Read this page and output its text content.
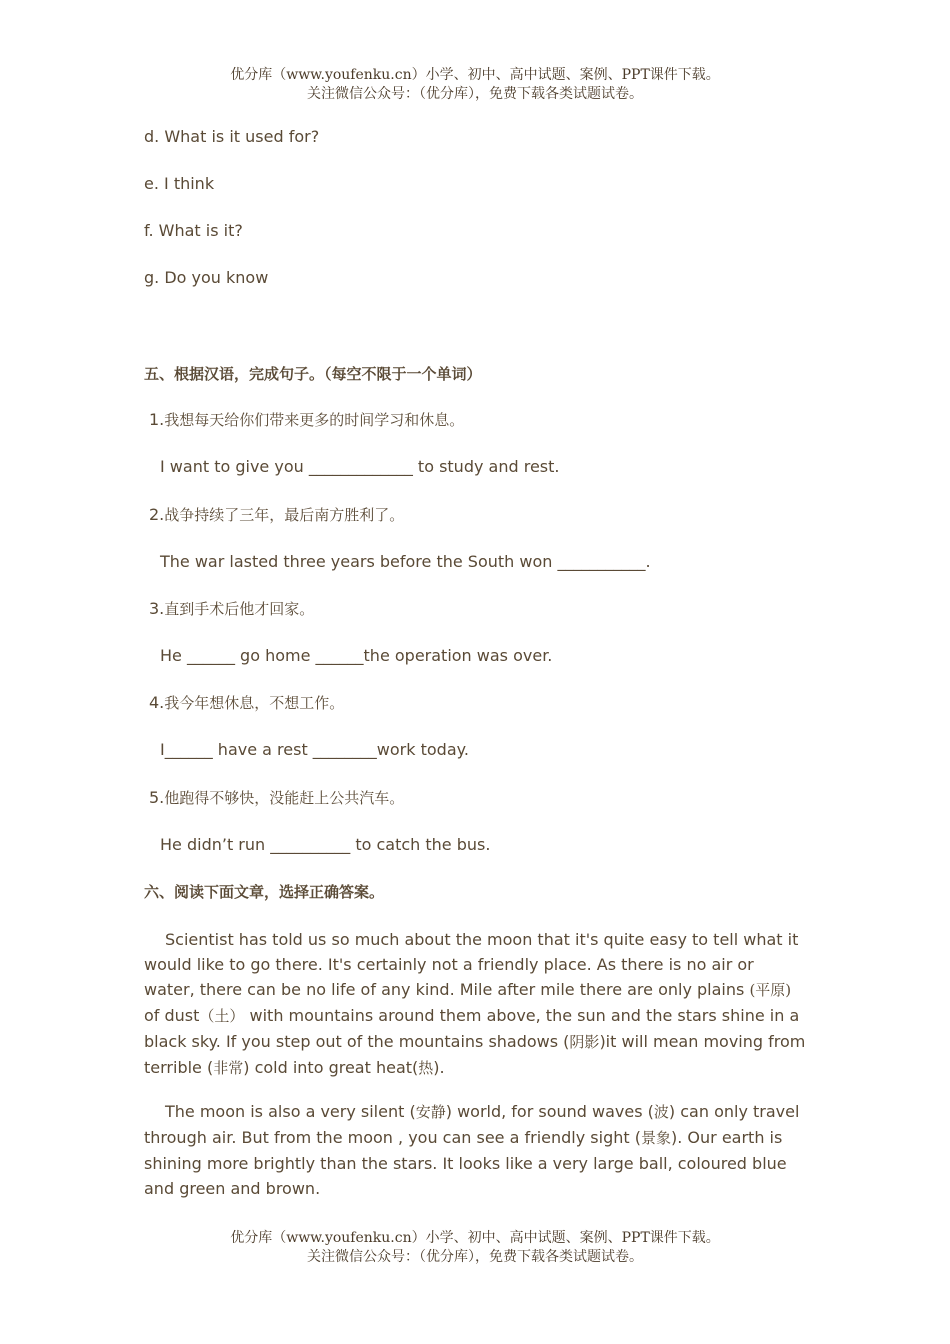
优分库（www.youfenku.cn）小学、初中、高中试题、案例、PPT课件下载。
关注微信公众号：（优分库），免费下载各类试题试卷。
d. What is it used for?
e. I think
f. What is it?
g. Do you know
五、根据汉语，完成句子。（每空不限于一个单词）
1.我想每天给你们带来更多的时间学习和休息。
I want to give you _____________ to study and rest.
2.战争持续了三年，最后南方胜利了。
The war lasted three years before the South won ___________.
3.直到手术后他才回家。
He ______ go home ______the operation was over.
4.我今年想休息，不想工作。
I______ have a rest ________work today.
5.他跑得不够快，没能赶上公共汽车。
He didn’t run __________ to catch the bus.
六、阅读下面文章，选择正确答案。
Scientist has told us so much about the moon that it's quite easy to tell what it would like to go there. It's certainly not a friendly place. As there is no air or water, there can be no life of any kind. Mile after mile there are only plains (平原) of dust（土） with mountains around them above, the sun and the stars shine in a black sky. If you step out of the mountains shadows (阴影)it will mean moving from terrible (非常) cold into great heat(热).
The moon is also a very silent (安静) world, for sound waves (波) can only travel through air. But from the moon , you can see a friendly sight (景象). Our earth is shining more brightly than the stars. It looks like a very large ball, coloured blue and green and brown.
优分库（www.youfenku.cn）小学、初中、高中试题、案例、PPT课件下载。
关注微信公众号：（优分库），免费下载各类试题试卷。
